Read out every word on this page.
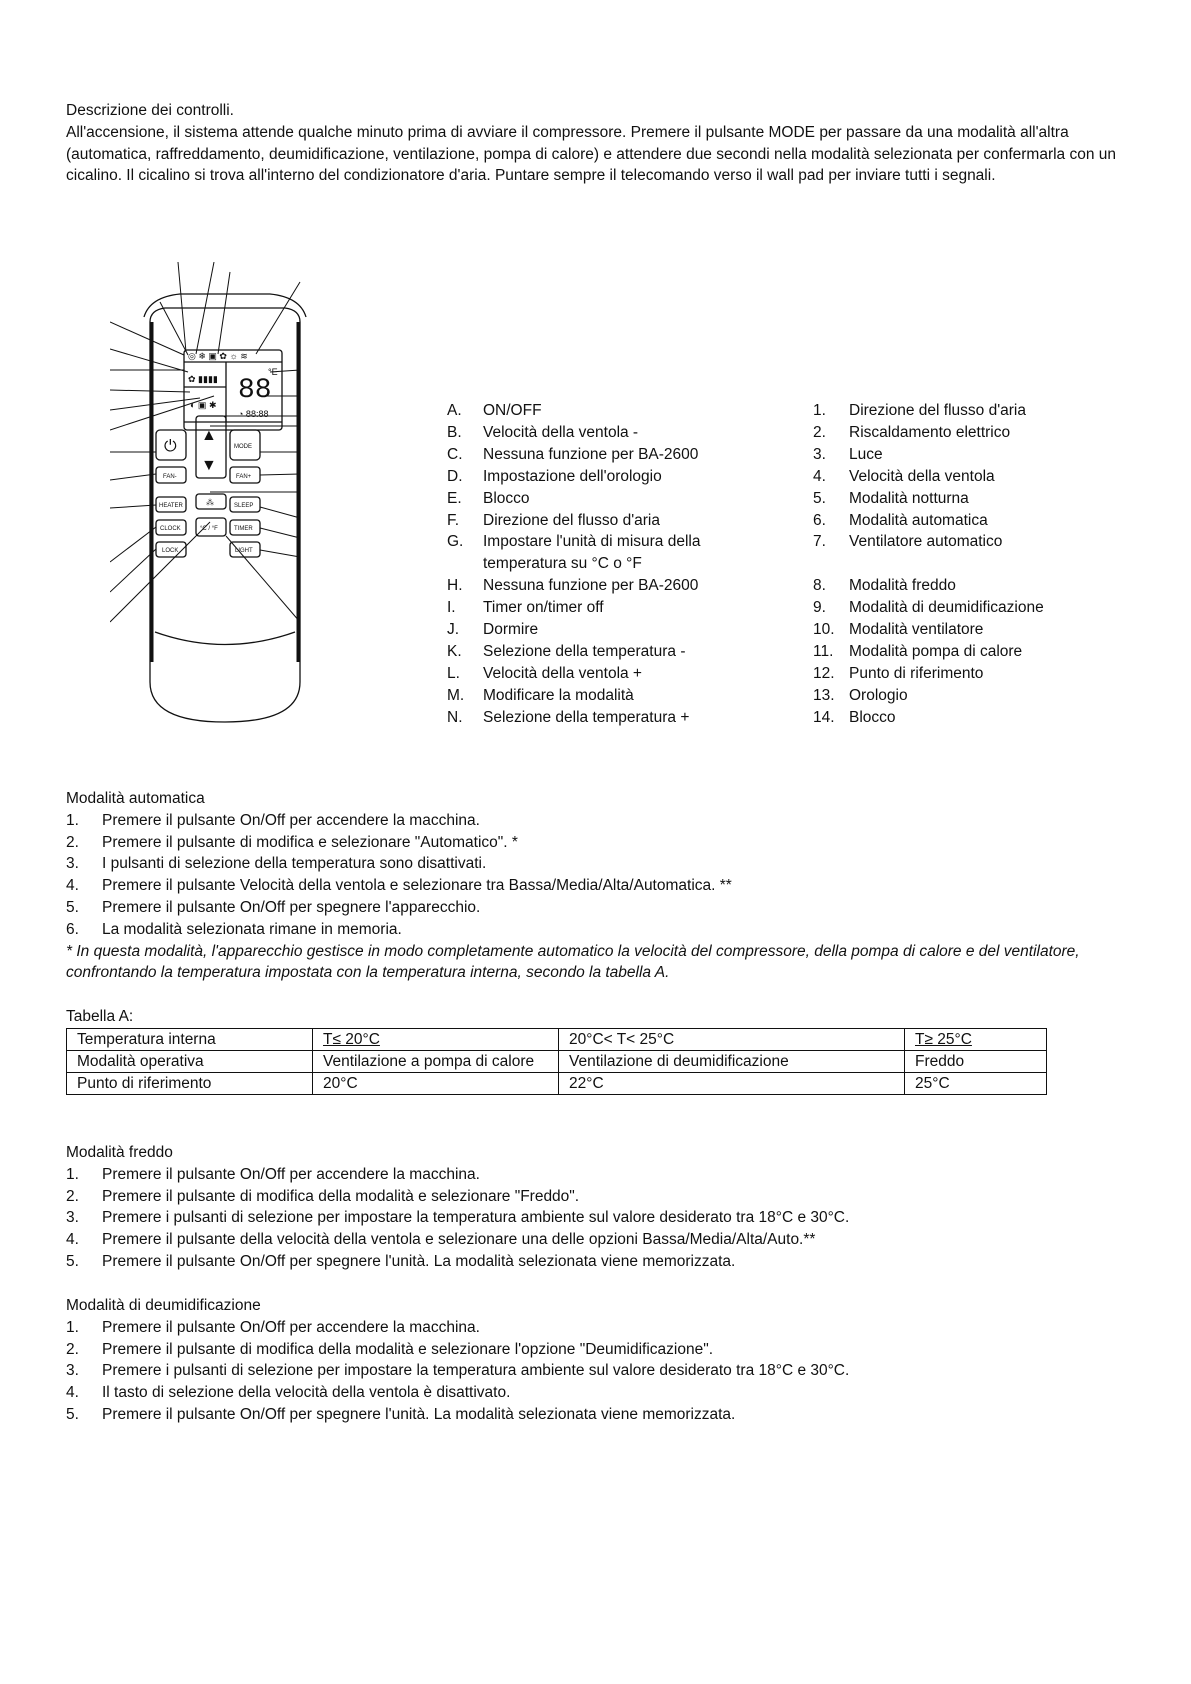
Descrizione dei controlli.

All'accensione, il sistema attende qualche minuto prima di avviare il compressore. Premere il pulsante MODE per passare da una modalità all'altra (automatica, raffreddamento, deumidificazione, ventilazione, pompa di calore) e attendere due secondi nella modalità selezionata per confermarla con un cicalino. Il cicalino si trova all'interno del condizionatore d'aria. Puntare sempre il telecomando verso il wall pad per inviare tutti i segnali.

88
°E
◔ 88:88
◎ ❄ ▣ ✿ ☼ ≋
✿ ▮▮▮▮
◐ ▣ ✱
⏻
▲
▼
MODE
FAN-	FAN+
HEATER	⁂	SLEEP
CLOCK	°C / °F	TIMER
LOCK	LIGHT
A.	ON/OFF
B.	Velocità della ventola -
C.	Nessuna funzione per BA-2600
D.	Impostazione dell'orologio
E.	Blocco
F.	Direzione del flusso d'aria
G.	Impostare l'unità di misura della temperatura su °C o °F
H.	Nessuna funzione per BA-2600
I.	Timer on/timer off
J.	Dormire
K.	Selezione della temperatura -
L.	Velocità della ventola +
M.	Modificare la modalità
N.	Selezione della temperatura +
1.	Direzione del flusso d'aria
2.	Riscaldamento elettrico
3.	Luce
4.	Velocità della ventola
5.	Modalità notturna
6.	Modalità automatica
7.	Ventilatore automatico
8.	Modalità freddo
9.	Modalità di deumidificazione
10. Modalità ventilatore
11.	Modalità pompa di calore
12. Punto di riferimento
13. Orologio
14. Blocco

Modalità automatica

1.	Premere il pulsante On/Off per accendere la macchina.
2.	Premere il pulsante di modifica e selezionare "Automatico". *
3.	I pulsanti di selezione della temperatura sono disattivati.
4.	Premere il pulsante Velocità della ventola e selezionare tra Bassa/Media/Alta/Automatica. **
5.	Premere il pulsante On/Off per spegnere l'apparecchio.
6.	La modalità selezionata rimane in memoria.

* In questa modalità, l'apparecchio gestisce in modo completamente automatico la velocità del compressore, della pompa di calore e del ventilatore, confrontando la temperatura impostata con la temperatura interna, secondo la tabella A.

Tabella A:

Temperatura interna	T≤ 20°C	20°C< T< 25°C	T≥ 25°C
Modalità operativa	Ventilazione a pompa di calore	Ventilazione di deumidificazione	Freddo
Punto di riferimento	20°C	22°C	25°C

Modalità freddo

1.	Premere il pulsante On/Off per accendere la macchina.
2.	Premere il pulsante di modifica della modalità e selezionare "Freddo".
3.	Premere i pulsanti di selezione per impostare la temperatura ambiente sul valore desiderato tra 18°C e 30°C.
4.	Premere il pulsante della velocità della ventola e selezionare una delle opzioni Bassa/Media/Alta/Auto.**
5.	Premere il pulsante On/Off per spegnere l'unità. La modalità selezionata viene memorizzata.

Modalità di deumidificazione

1.	Premere il pulsante On/Off per accendere la macchina.
2.	Premere il pulsante di modifica della modalità e selezionare l'opzione "Deumidificazione".
3.	Premere i pulsanti di selezione per impostare la temperatura ambiente sul valore desiderato tra 18°C e 30°C.
4.	Il tasto di selezione della velocità della ventola è disattivato.
5.	Premere il pulsante On/Off per spegnere l'unità. La modalità selezionata viene memorizzata.
